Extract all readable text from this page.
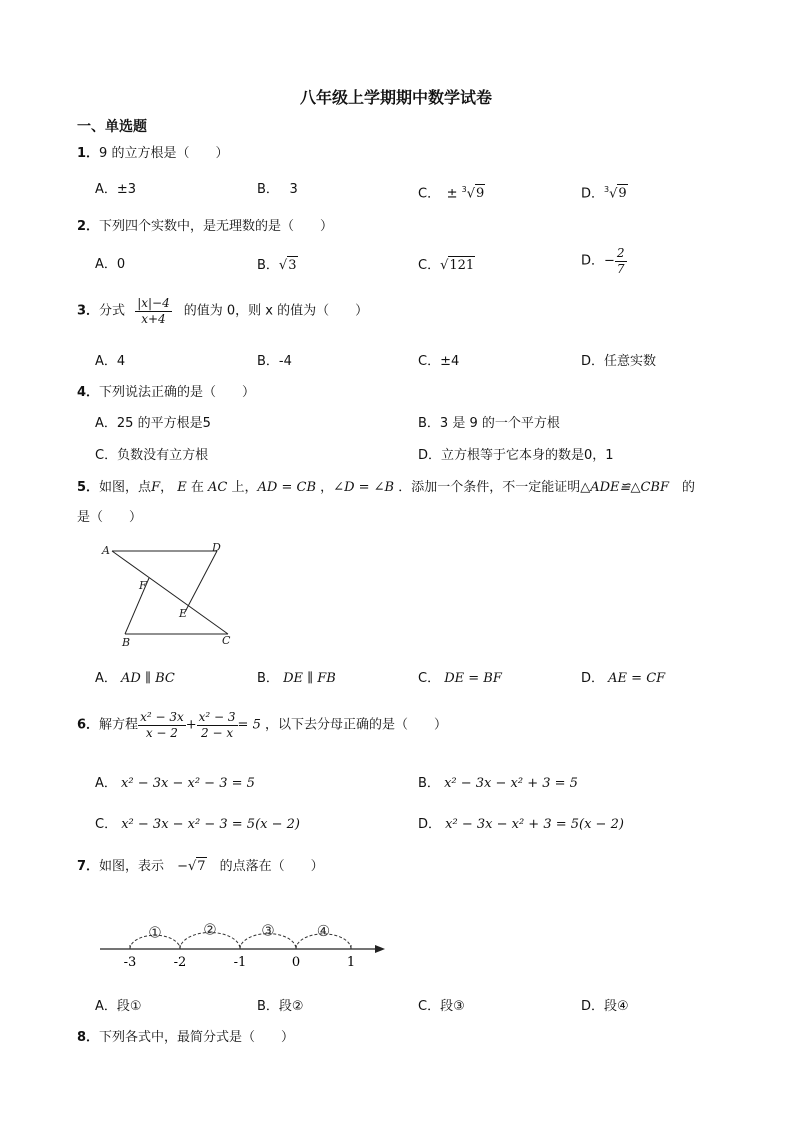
八年级上学期期中数学试卷
一、单选题
1．9 的立方根是（　　）
A．±3	B．　 3	C．　± $^3$√9	D．$^3$√9
2．下列四个实数中，是无理数的是（　　）
A．0	B．√3	C．√121	D．− $\frac{2}{7}$
3．分式 $\frac{|x|-4}{x+4}$ 的值为 0，则 x 的值为（　　）
A．4	B．-4	C．±4	D．任意实数
4．下列说法正确的是（　　）
A．25 的平方根是5	B．3 是 9 的一个平方根
C．负数没有立方根	D．立方根等于它本身的数是0，1
5．如图，点F， E 在 AC 上，AD = CB ，∠D = ∠B ．添加一个条件，不一定能证明△ADE≌△CBF　 的
是（　　）
A	D
F
E
B	C
A． AD ∥ BC	B． DE ∥ FB	C． DE = BF	D． AE = CF
6．解方程 $\frac{\text{x² − 3x}}{x - 2} + \frac{\text{x² − 3}}{2 - x} = 5$ ，以下去分母正确的是（　　）
A． x² − 3x − x² − 3 = 5	B． x² − 3x − x² + 3 = 5
C． x² − 3x − x² − 3 = 5(x − 2)	D． x² − 3x − x² + 3 = 5(x − 2)
7．如图，表示　 −√7　 的点落在（　　）
-3	-2	-1	0	1
①	②	③	④
A．段①	B．段②	C．段③	D．段④
8．下列各式中，最简分式是（　　）
